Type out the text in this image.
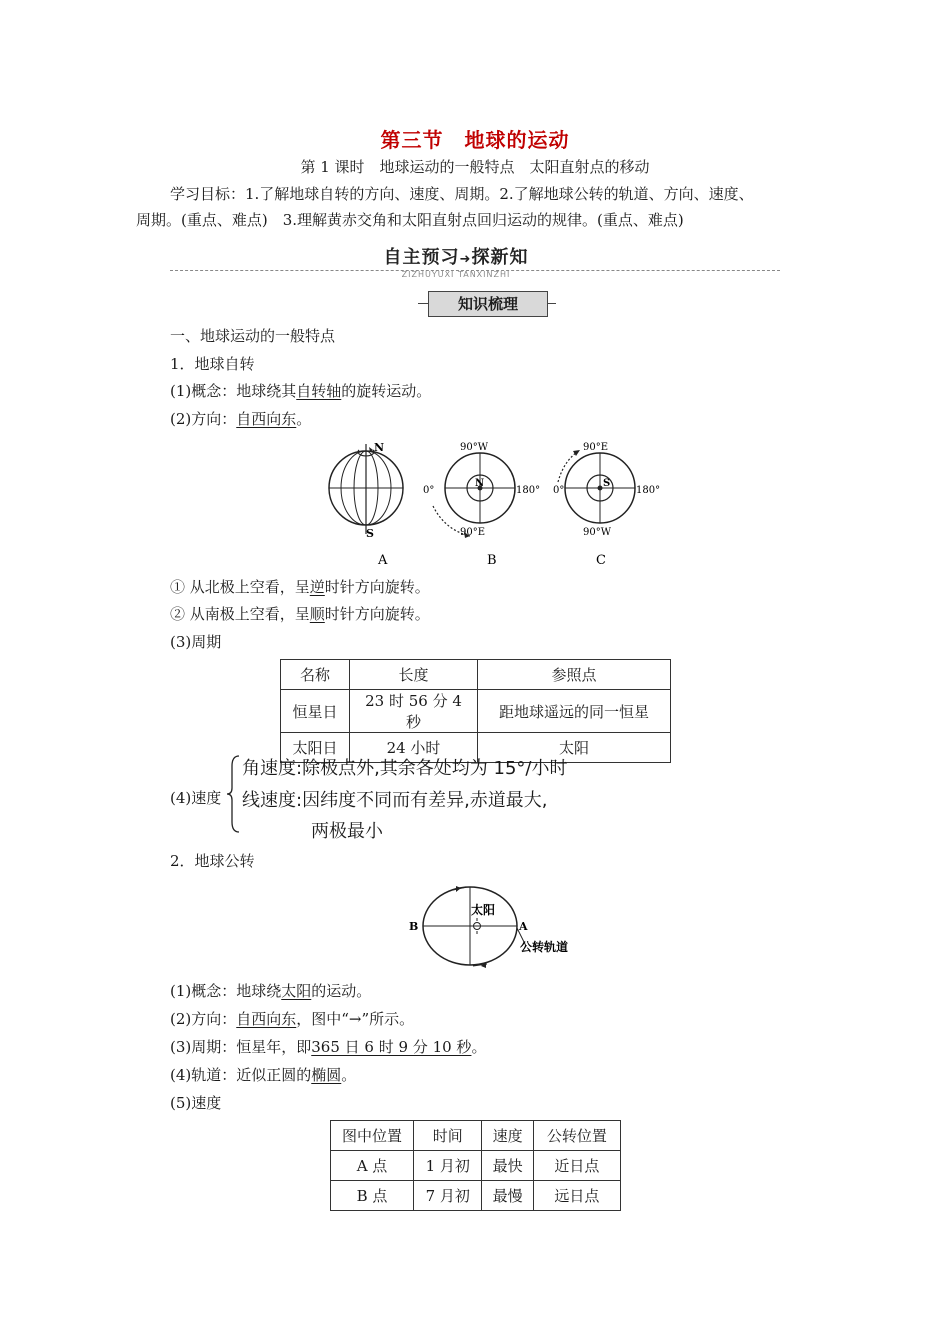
第三节　地球的运动
第 1 课时　地球运动的一般特点　太阳直射点的移动
学习目标：1.了解地球自转的方向、速度、周期。2.了解地球公转的轨道、方向、速度、
周期。(重点、难点)　3.理解黄赤交角和太阳直射点回归运动的规律。(重点、难点)
自主预习➜探新知
ZIZHUYUXI TANXINZHI
知识梳理
一、地球运动的一般特点
1．地球自转
(1)概念：地球绕其自转轴的旋转运动。
(2)方向：自西向东。
N
S
A
90°W
0°
N
180°
90°E
B
90°E
0°
S
180°
90°W
C
① 从北极上空看，呈逆时针方向旋转。
② 从南极上空看，呈顺时针方向旋转。
(3)周期
名称	长度	参照点
恒星日	23 时 56 分 4 秒	距地球遥远的同一恒星
太阳日	24 小时	太阳
(4)速度
角速度:除极点外,其余各处均为 15°/小时
线速度:因纬度不同而有差异,赤道最大,
两极最小
2．地球公转
太阳
B	A
公转轨道
(1)概念：地球绕太阳的运动。
(2)方向：自西向东，图中“→”所示。
(3)周期：恒星年，即365 日 6 时 9 分 10 秒。
(4)轨道：近似正圆的椭圆。
(5)速度
图中位置	时间	速度	公转位置
A 点	1 月初	最快	近日点
B 点	7 月初	最慢	远日点
